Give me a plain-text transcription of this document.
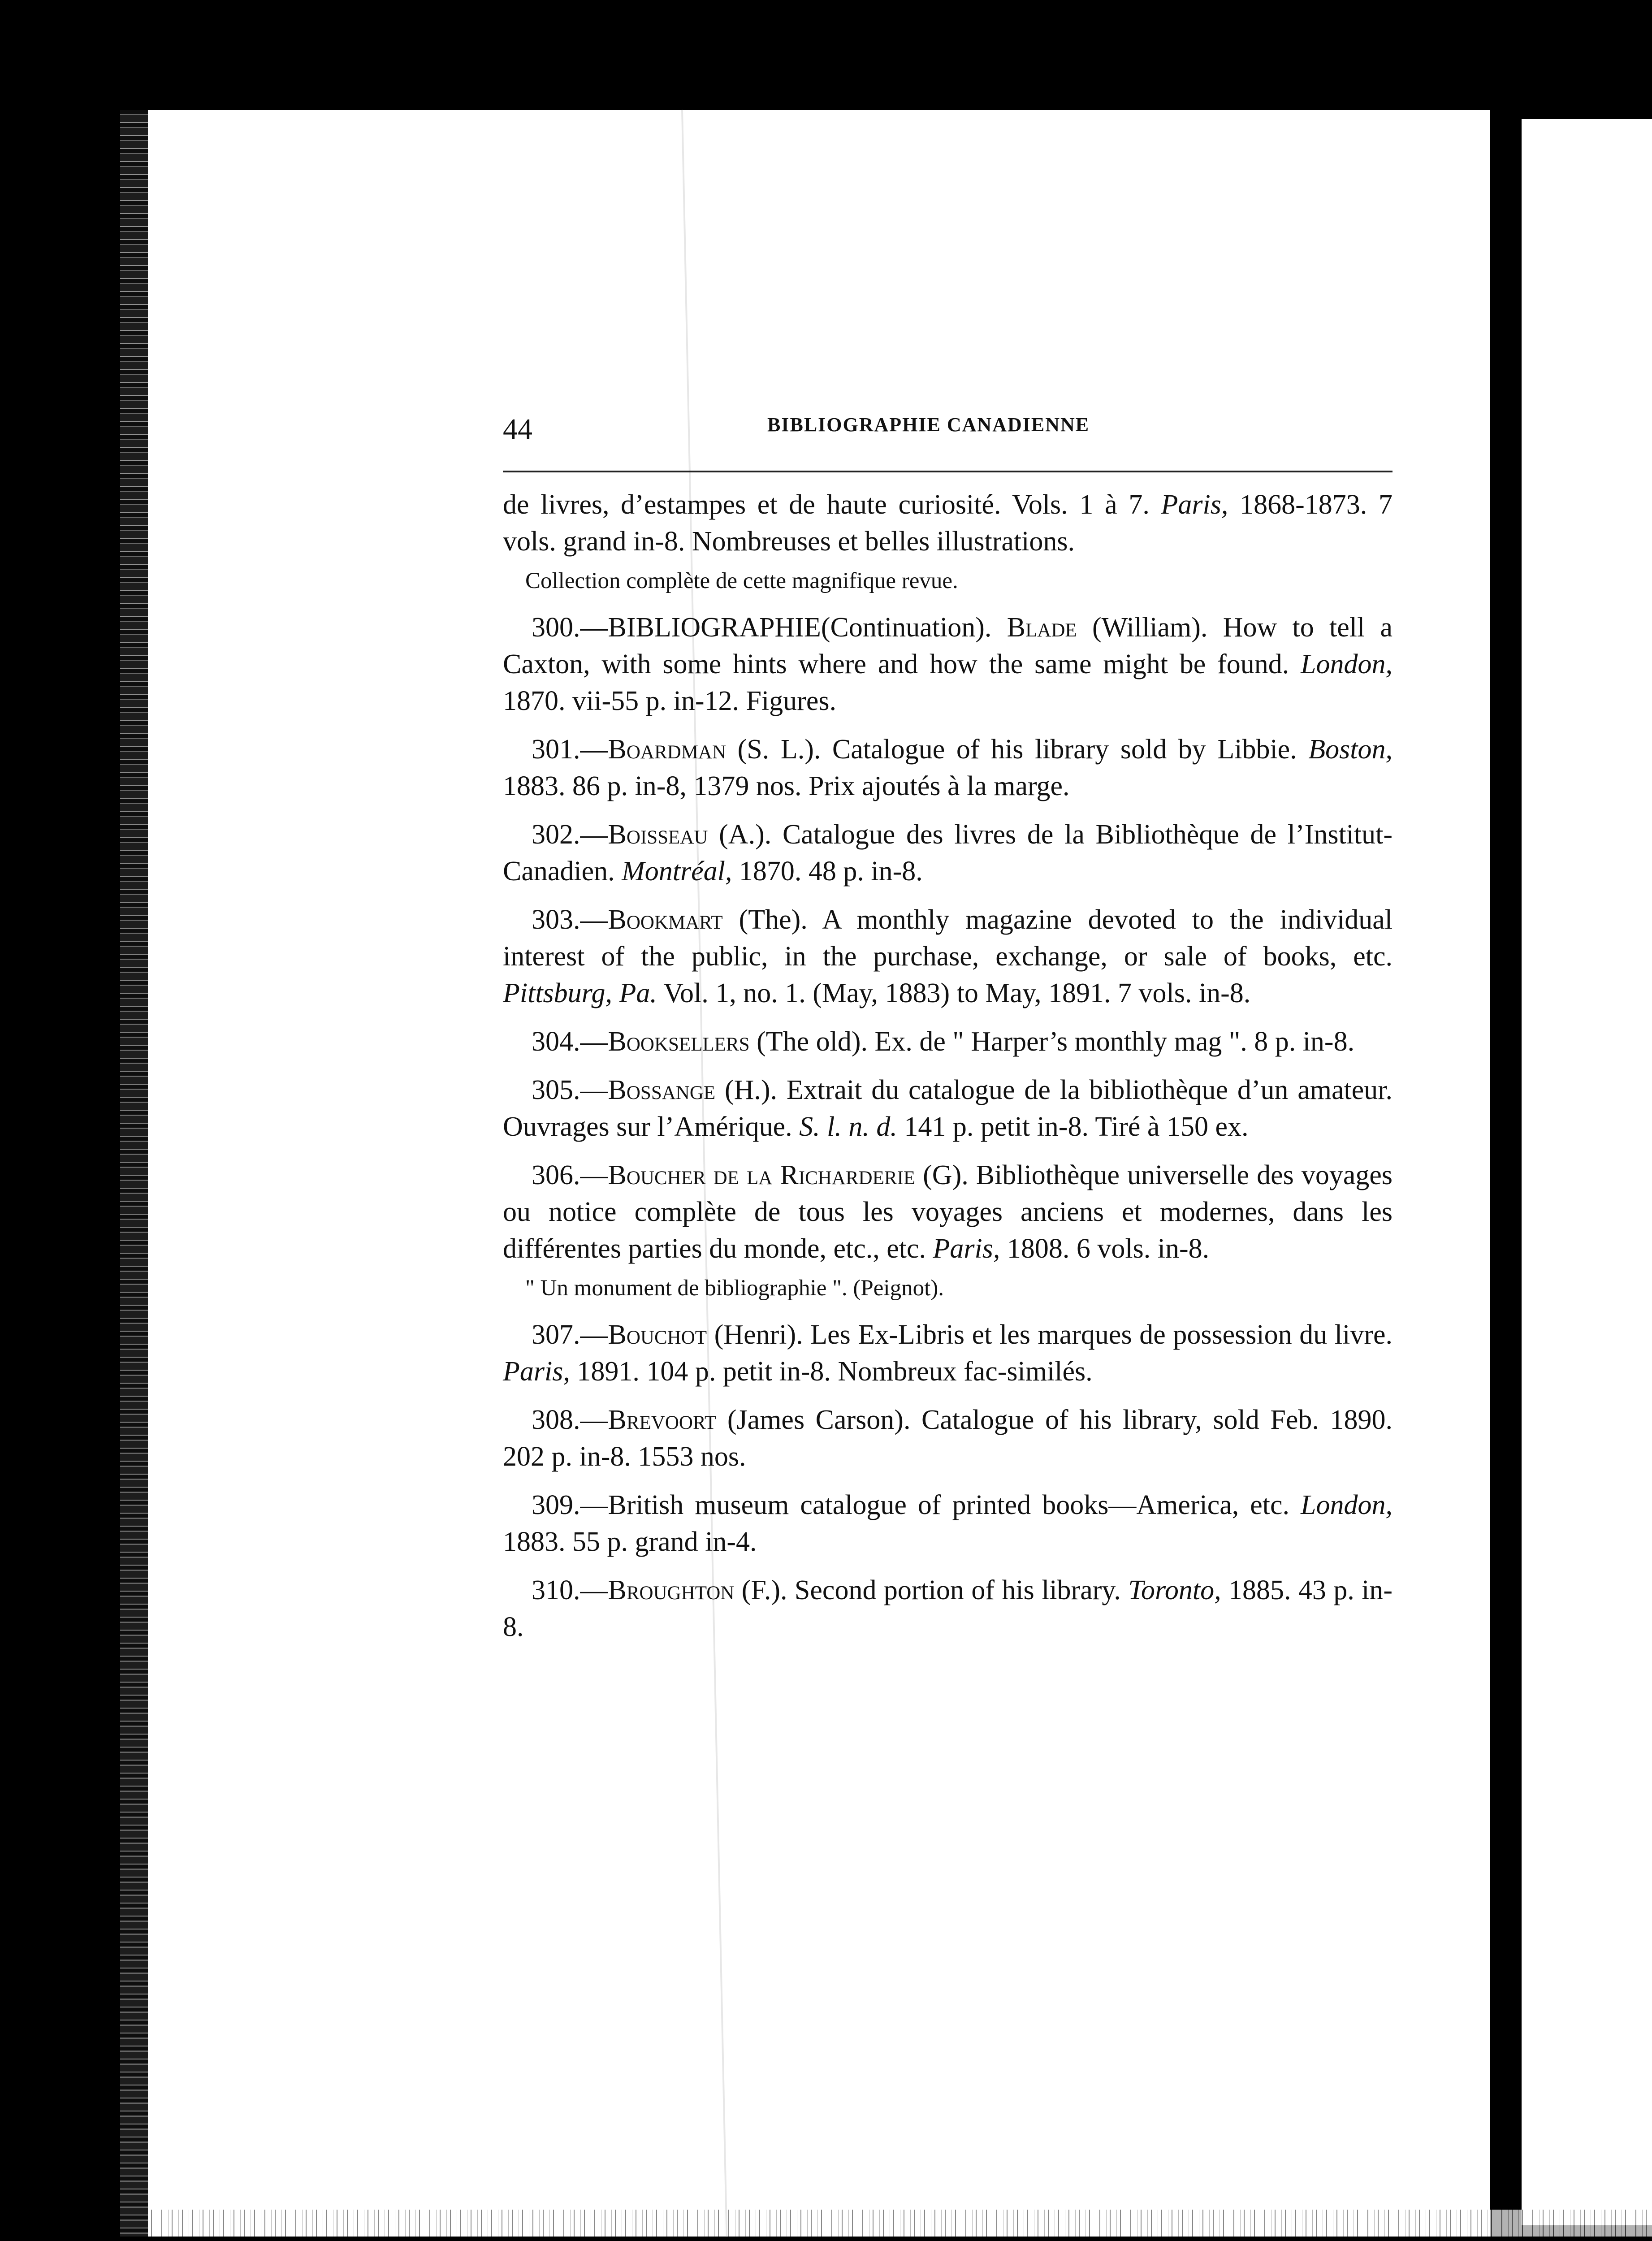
44	BIBLIOGRAPHIE CANADIENNE

de livres, d’estampes et de haute curiosité. Vols. 1 à 7. Paris, 1868-1873. 7 vols. grand in-8. Nombreuses et belles illustrations.

Collection complète de cette magnifique revue.

300.—BIBLIOGRAPHIE(Continuation). Blade (William). How to tell a Caxton, with some hints where and how the same might be found. London, 1870. vii-55 p. in-12. Figures.

301.—Boardman (S. L.). Catalogue of his library sold by Libbie. Boston, 1883. 86 p. in-8, 1379 nos. Prix ajoutés à la marge.

302.—Boisseau (A.). Catalogue des livres de la Bibliothèque de l’Institut-Canadien. Montréal, 1870. 48 p. in-8.

303.—Bookmart (The). A monthly magazine devoted to the individual interest of the public, in the purchase, exchange, or sale of books, etc. Pittsburg, Pa. Vol. 1, no. 1. (May, 1883) to May, 1891. 7 vols. in-8.

304.—Booksellers (The old). Ex. de " Harper’s monthly mag ". 8 p. in-8.

305.—Bossange (H.). Extrait du catalogue de la bibliothèque d’un amateur. Ouvrages sur l’Amérique. S. l. n. d. 141 p. petit in-8. Tiré à 150 ex.

306.—Boucher de la Richarderie (G). Bibliothèque universelle des voyages ou notice complète de tous les voyages anciens et modernes, dans les différentes parties du monde, etc., etc. Paris, 1808. 6 vols. in-8.

" Un monument de bibliographie ". (Peignot).

307.—Bouchot (Henri). Les Ex-Libris et les marques de possession du livre. Paris, 1891. 104 p. petit in-8. Nombreux fac-similés.

308.—Brevoort (James Carson). Catalogue of his library, sold Feb. 1890. 202 p. in-8. 1553 nos.

309.—British museum catalogue of printed books—America, etc. London, 1883. 55 p. grand in-4.

310.—Broughton (F.). Second portion of his library. Toronto, 1885. 43 p. in-8.
